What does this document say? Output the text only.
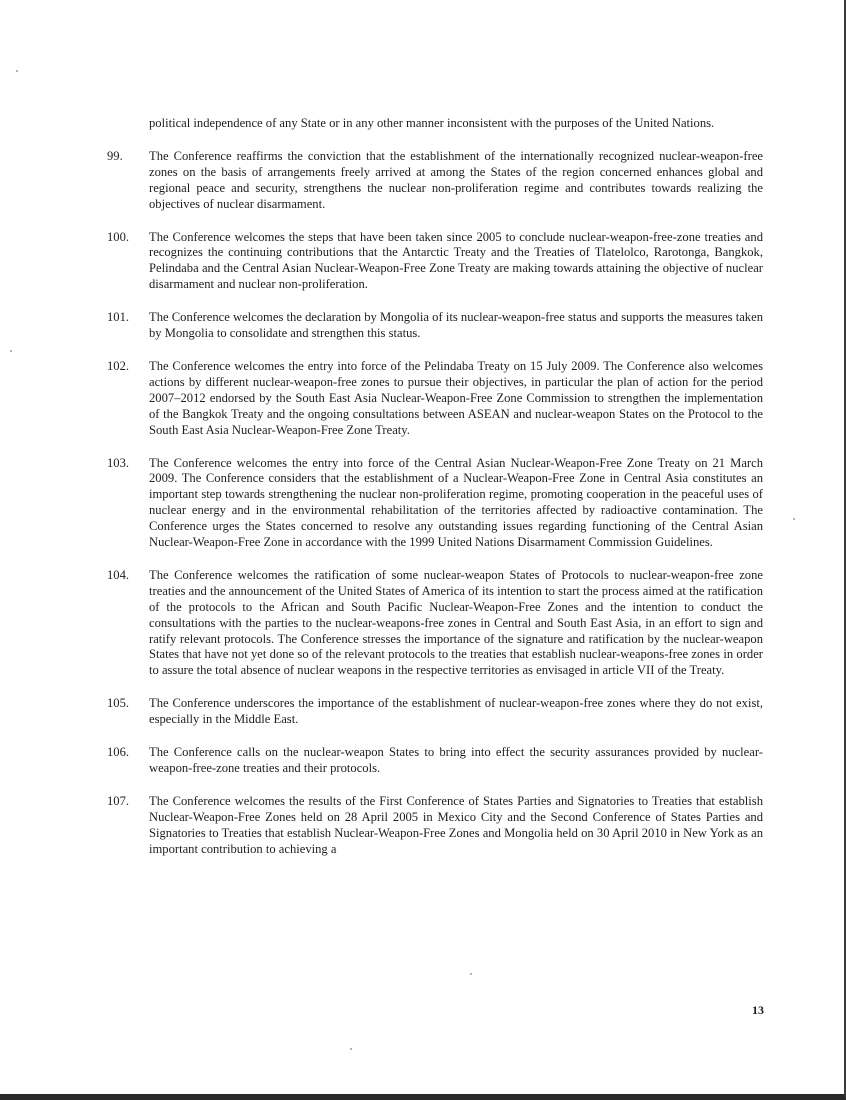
political independence of any State or in any other manner inconsistent with the purposes of the United Nations.

99.	The Conference reaffirms the conviction that the establishment of the internationally recognized nuclear-weapon-free zones on the basis of arrangements freely arrived at among the States of the region concerned enhances global and regional peace and security, strengthens the nuclear non-proliferation regime and contributes towards realizing the objectives of nuclear disarmament.

100.	The Conference welcomes the steps that have been taken since 2005 to conclude nuclear-weapon-free-zone treaties and recognizes the continuing contributions that the Antarctic Treaty and the Treaties of Tlatelolco, Rarotonga, Bangkok, Pelindaba and the Central Asian Nuclear-Weapon-Free Zone Treaty are making towards attaining the objective of nuclear disarmament and nuclear non-proliferation.

101.	The Conference welcomes the declaration by Mongolia of its nuclear-weapon-free status and supports the measures taken by Mongolia to consolidate and strengthen this status.

102.	The Conference welcomes the entry into force of the Pelindaba Treaty on 15 July 2009. The Conference also welcomes actions by different nuclear-weapon-free zones to pursue their objectives, in particular the plan of action for the period 2007–2012 endorsed by the South East Asia Nuclear-Weapon-Free Zone Commission to strengthen the implementation of the Bangkok Treaty and the ongoing consultations between ASEAN and nuclear-weapon States on the Protocol to the South East Asia Nuclear-Weapon-Free Zone Treaty.

103.	The Conference welcomes the entry into force of the Central Asian Nuclear-Weapon-Free Zone Treaty on 21 March 2009. The Conference considers that the establishment of a Nuclear-Weapon-Free Zone in Central Asia constitutes an important step towards strengthening the nuclear non-proliferation regime, promoting cooperation in the peaceful uses of nuclear energy and in the environmental rehabilitation of the territories affected by radioactive contamination. The Conference urges the States concerned to resolve any outstanding issues regarding functioning of the Central Asian Nuclear-Weapon-Free Zone in accordance with the 1999 United Nations Disarmament Commission Guidelines.

104.	The Conference welcomes the ratification of some nuclear-weapon States of Protocols to nuclear-weapon-free zone treaties and the announcement of the United States of America of its intention to start the process aimed at the ratification of the protocols to the African and South Pacific Nuclear-Weapon-Free Zones and the intention to conduct the consultations with the parties to the nuclear-weapons-free zones in Central and South East Asia, in an effort to sign and ratify relevant protocols. The Conference stresses the importance of the signature and ratification by the nuclear-weapon States that have not yet done so of the relevant protocols to the treaties that establish nuclear-weapons-free zones in order to assure the total absence of nuclear weapons in the respective territories as envisaged in article VII of the Treaty.

105.	The Conference underscores the importance of the establishment of nuclear-weapon-free zones where they do not exist, especially in the Middle East.

106.	The Conference calls on the nuclear-weapon States to bring into effect the security assurances provided by nuclear-weapon-free-zone treaties and their protocols.

107.	The Conference welcomes the results of the First Conference of States Parties and Signatories to Treaties that establish Nuclear-Weapon-Free Zones held on 28 April 2005 in Mexico City and the Second Conference of States Parties and Signatories to Treaties that establish Nuclear-Weapon-Free Zones and Mongolia held on 30 April 2010 in New York as an important contribution to achieving a

13
